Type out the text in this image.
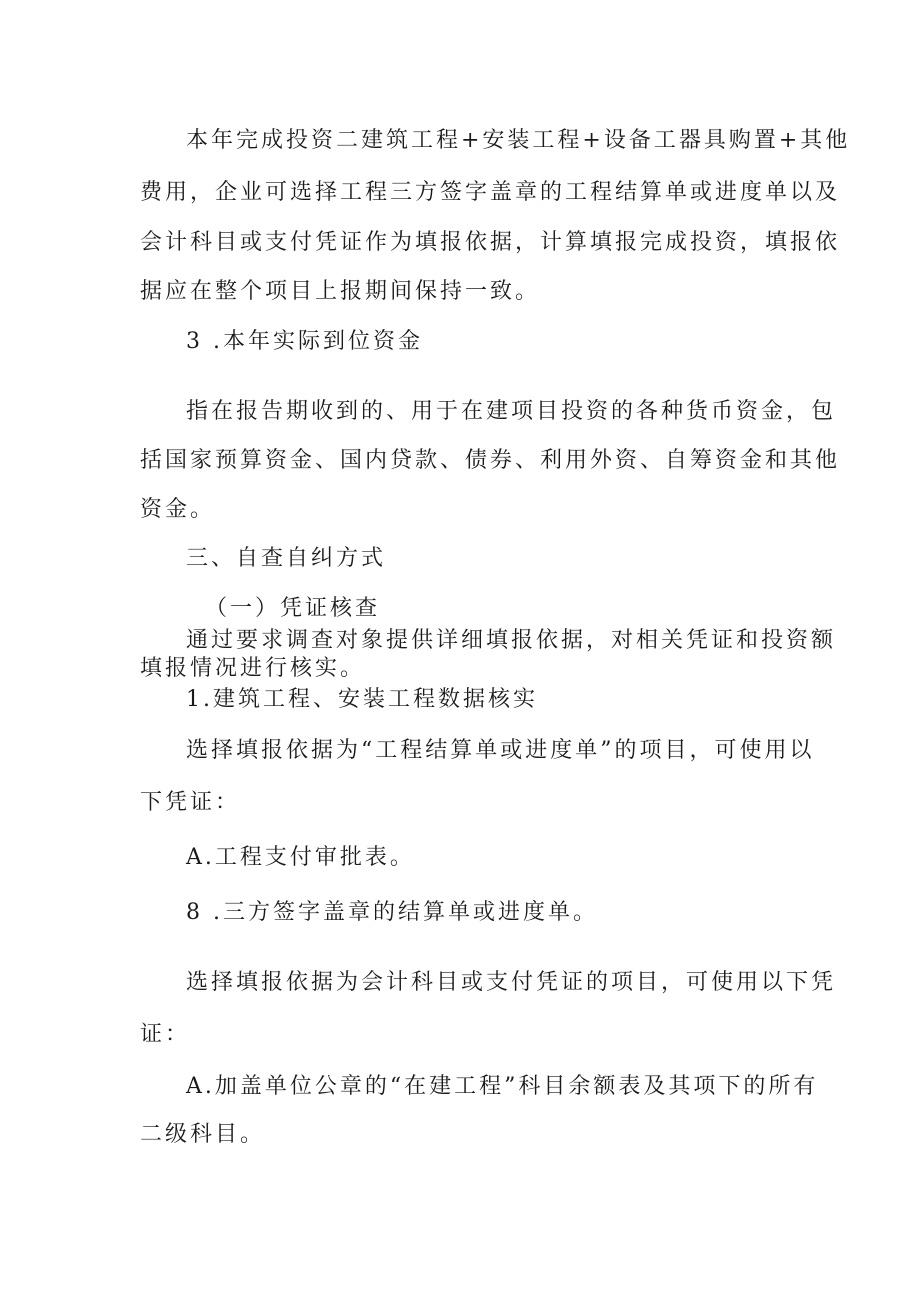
本年完成投资二建筑工程+安装工程+设备工器具购置+其他
费用，企业可选择工程三方签字盖章的工程结算单或进度单以及
会计科目或支付凭证作为填报依据，计算填报完成投资，填报依
据应在整个项目上报期间保持一致。
3 .本年实际到位资金
指在报告期收到的、用于在建项目投资的各种货币资金，包
括国家预算资金、国内贷款、债券、利用外资、自筹资金和其他
资金。
三、自查自纠方式
（一）凭证核查
通过要求调查对象提供详细填报依据，对相关凭证和投资额
填报情况进行核实。
1.建筑工程、安装工程数据核实
选择填报依据为“工程结算单或进度单”的项目，可使用以
下凭证：
A.工程支付审批表。
8 .三方签字盖章的结算单或进度单。
选择填报依据为会计科目或支付凭证的项目，可使用以下凭
证：
A.加盖单位公章的“在建工程”科目余额表及其项下的所有
二级科目。
